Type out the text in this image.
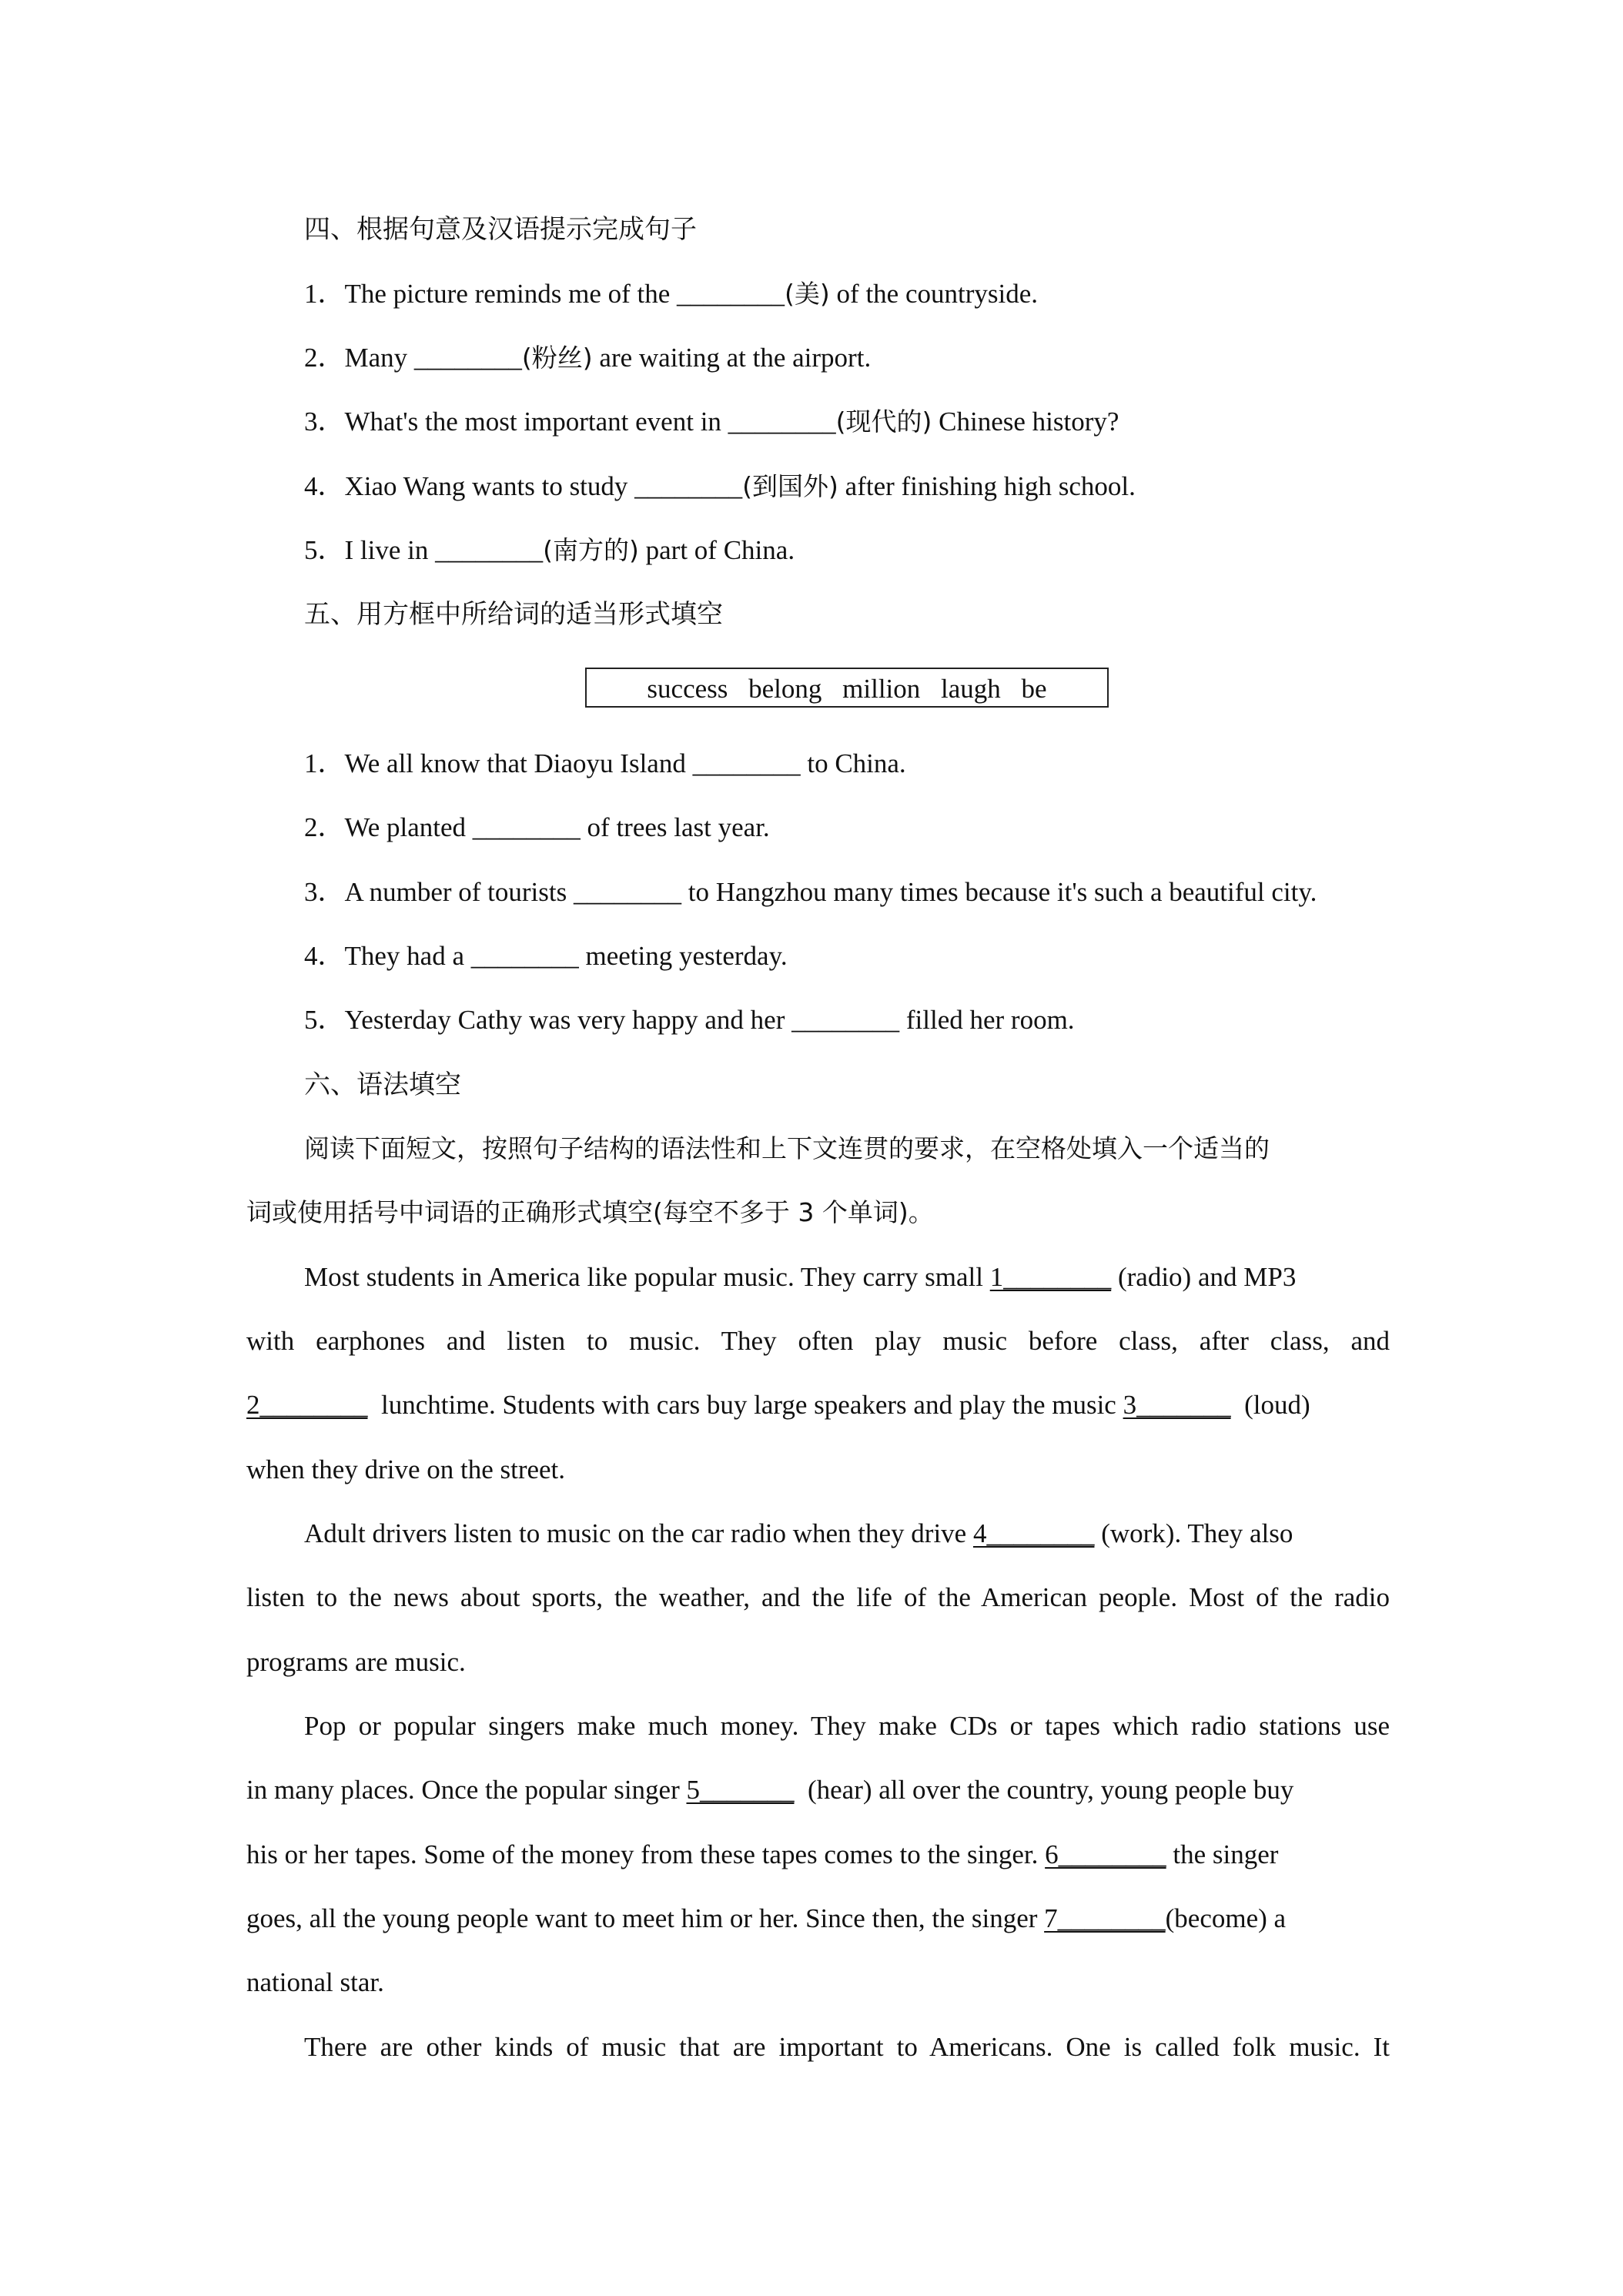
四、根据句意及汉语提示完成句子
1．The picture reminds me of the ________(美) of the countryside.
2．Many ________(粉丝) are waiting at the airport.
3．What's the most important event in ________(现代的) Chinese history?
4．Xiao Wang wants to study ________(到国外) after finishing high school.
5．I live in ________(南方的) part of China.
五、用方框中所给词的适当形式填空
success belong million laugh be
1．We all know that Diaoyu Island ________ to China.
2．We planted ________ of trees last year.
3．A number of tourists ________ to Hangzhou many times because it's such a beautiful city.
4．They had a ________ meeting yesterday.
5．Yesterday Cathy was very happy and her ________ filled her room.
六、语法填空
阅读下面短文，按照句子结构的语法性和上下文连贯的要求，在空格处填入一个适当的
词或使用括号中词语的正确形式填空(每空不多于 3 个单词)。
Most students in America like popular music. They carry small 1________ (radio) and MP3
with earphones and listen to music. They often play music before class, after class, and
2________  lunchtime. Students with cars buy large speakers and play the music 3_______  (loud)
when they drive on the street.
Adult drivers listen to music on the car radio when they drive 4________ (work). They also
listen to the news about sports, the weather, and the life of the American people. Most of the radio
programs are music.
Pop or popular singers make much money. They make CDs or tapes which radio stations use
in many places. Once the popular singer 5_______  (hear) all over the country, young people buy
his or her tapes. Some of the money from these tapes comes to the singer. 6________ the singer
goes, all the young people want to meet him or her. Since then, the singer 7________(become) a
national star.
There are other kinds of music that are important to Americans. One is called folk music. It
